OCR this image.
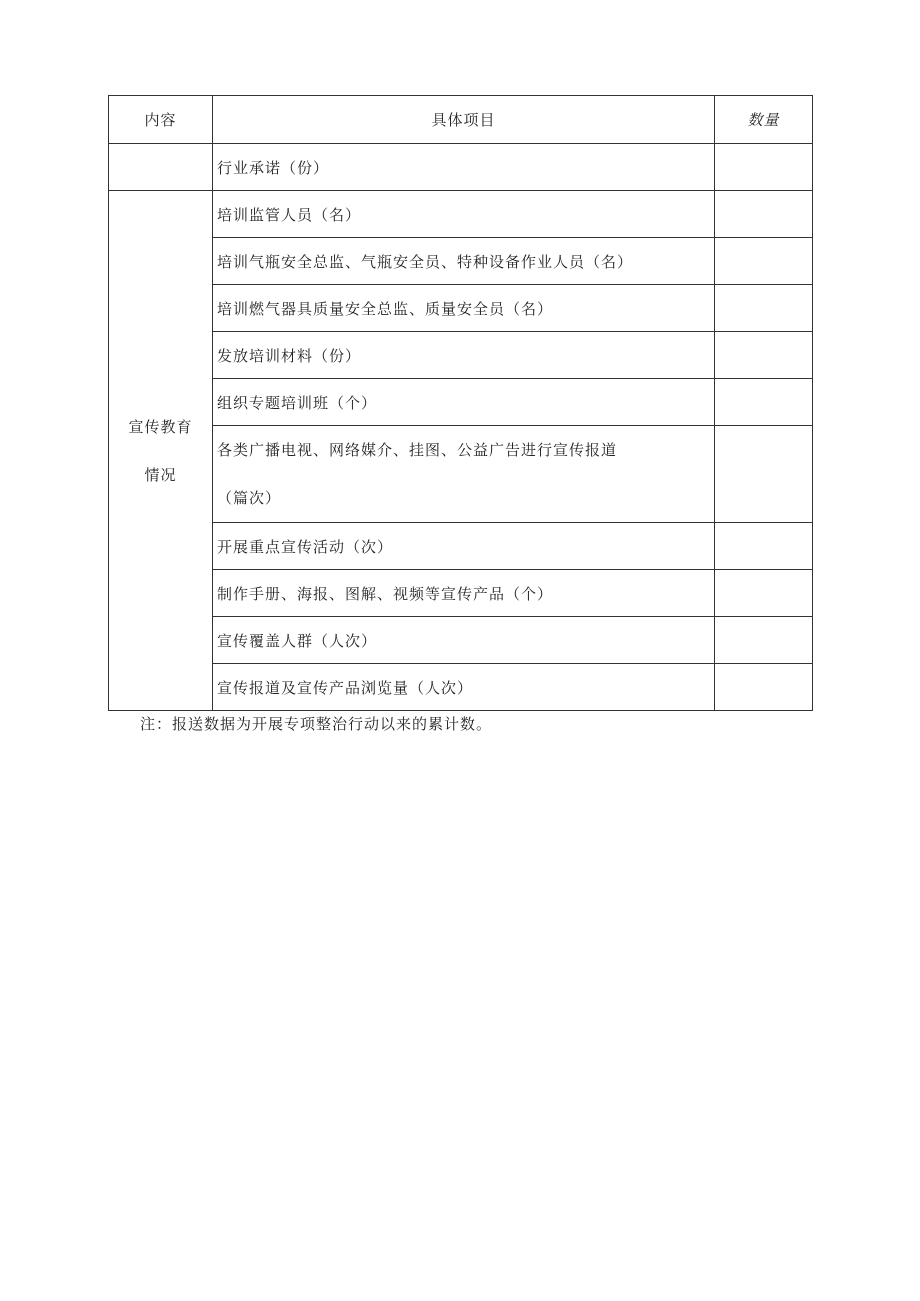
内容	具体项目	数量
	行业承诺（份）	

宣传教育
情况	培训监管人员（名）	
	培训气瓶安全总监、气瓶安全员、特种设备作业人员（名）	
	培训燃气器具质量安全总监、质量安全员（名）	
	发放培训材料（份）	
	组织专题培训班（个）	

	各类广播电视、网络媒介、挂图、公益广告进行宣传报道
（篇次）	

	开展重点宣传活动（次）	
	制作手册、海报、图解、视频等宣传产品（个）	
	宣传覆盖人群（人次）	
	宣传报道及宣传产品浏览量（人次）	

注：报送数据为开展专项整治行动以来的累计数。
